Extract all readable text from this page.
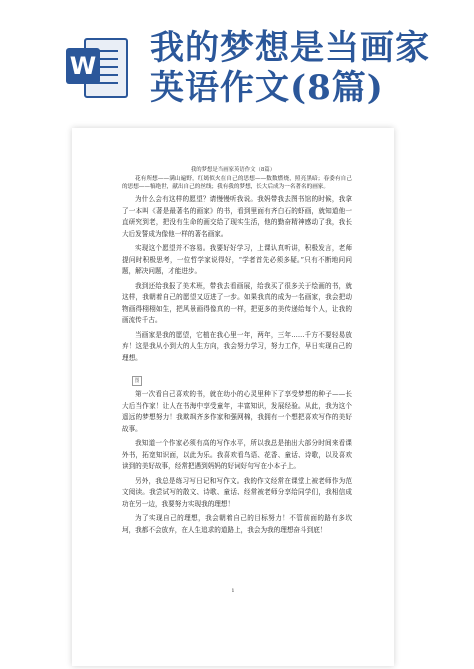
W 我的梦想是当画家
英语作文(8篇)
我的梦想是当画家英语作文（8篇）

花有所想——满山遍野，红嫣似火在自己的思想——数数燃烧，照亮黑暗；春委有自己的思想——犒绝世，献出自己的丝线；我有我的梦想，长大后成为一名著名的画家。

为什么会有这样的愿望？请慢慢听我说。我妈带我去图书馆的时候，我拿了一本叫《著是最著名的画家》的书，看到里面有齐白石的虾画，就知道他一直研究到老，把没有生命的画交给了现实生活，他的勤奋精神感动了我，我长大后发誓成为像他一样的著名画家。

实现这个愿望并不容易。我要好好学习，上课认真听讲，积极发言，老师提问时积极思考，一位哲学家说得好，“学者首先必须多疑。”只有不断地问问题，解决问题，才能进步。

我到还给我报了美术班，带我去看画展，给我买了很多关于绘画的书，就这样，我朝着自己的愿望又迈进了一步。如果我真的成为一名画家，我会把动物画得栩栩如生，把风景画得像真的一样，把更多的美传递给每个人，让我的画流传千古。

当画家是我的愿望，它植在我心里一年，两年，三年……千方不要轻易放弃！这是我从小到大的人生方向，我会努力学习，努力工作，早日实现自己的理想。

图

第一次看自己喜欢的书，就在幼小的心灵里种下了享受梦想的种子——长大后当作家！让人在书海中享受童年，丰富知识，发展经验。从此，我为这个遥远的梦想努力！我欺飒齐多作家和强网棉，我拥有一个想把喜欢写作的美好故事。

我知道一个作家必须有高的写作水平，所以我总是抽出大部分时间来看课外书，拓宽知识面，以此为乐。我喜欢看鸟语、花香、童话、诗歌，以及喜欢读到的美好故事，经常把遇到妈妈的好词好句写在小本子上。

另外，我总是练习写日记和写作文。我的作文经常在课堂上被老师作为范文阅读。我尝试写的散文、诗歌、童话、经常被老师分享给同学们，我相信成功在另一边，我要努力实现我的理想！

为了实现自己的理想，我会朝着自己的目标努力！不管前面的路有多坎坷，我都不会放弃，在人生追求的道路上，我会为我的理想奋斗到底！

1
